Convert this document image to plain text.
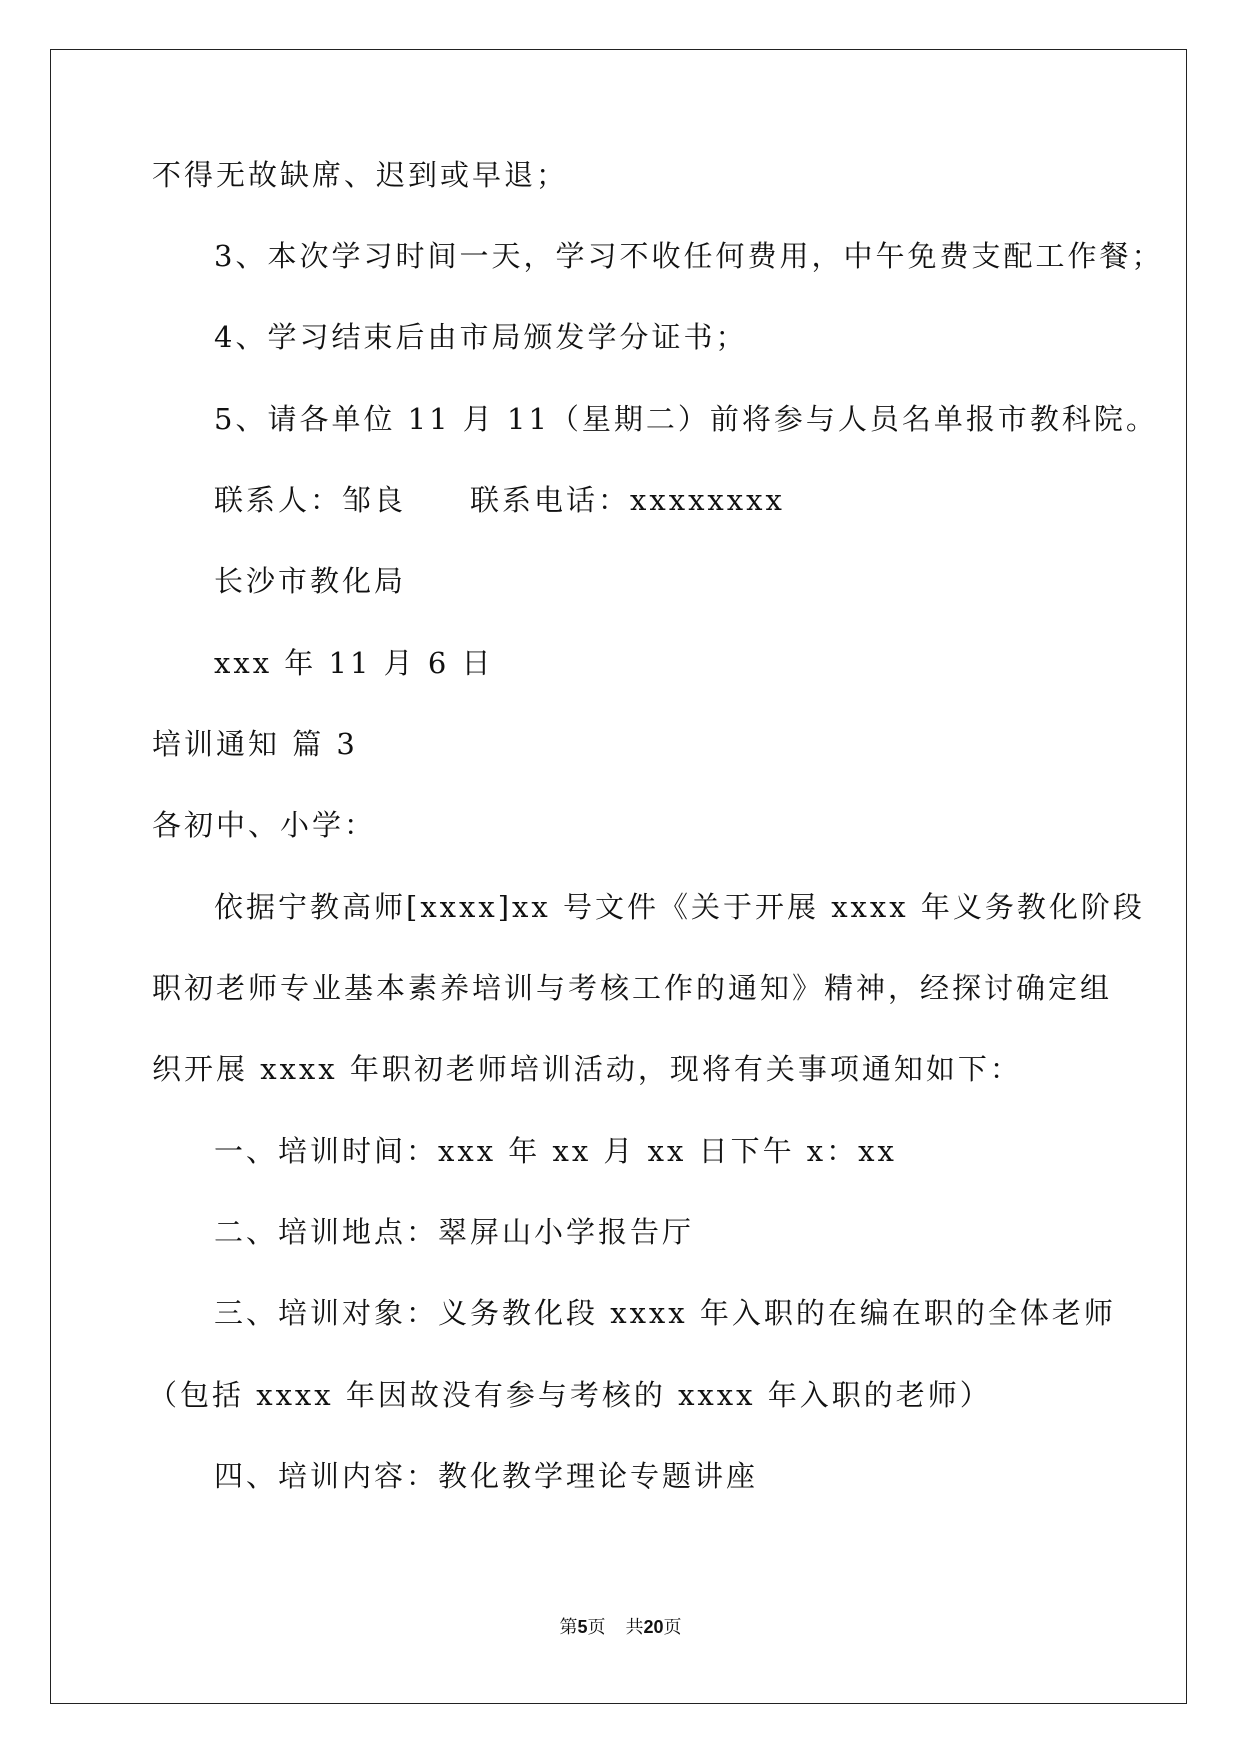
不得无故缺席、迟到或早退；
3、本次学习时间一天，学习不收任何费用，中午免费支配工作餐；
4、学习结束后由市局颁发学分证书；
5、请各单位 11 月 11（星期二）前将参与人员名单报市教科院。
联系人：邹良　　联系电话：xxxxxxxx
长沙市教化局
xxx 年 11 月 6 日
培训通知 篇 3
各初中、小学：
依据宁教高师[xxxx]xx 号文件《关于开展 xxxx 年义务教化阶段
职初老师专业基本素养培训与考核工作的通知》精神，经探讨确定组
织开展 xxxx 年职初老师培训活动，现将有关事项通知如下：
一、培训时间：xxx 年 xx 月 xx 日下午 x：xx
二、培训地点：翠屏山小学报告厅
三、培训对象：义务教化段 xxxx 年入职的在编在职的全体老师
（包括 xxxx 年因故没有参与考核的 xxxx 年入职的老师）
四、培训内容：教化教学理论专题讲座
第5页 共20页
